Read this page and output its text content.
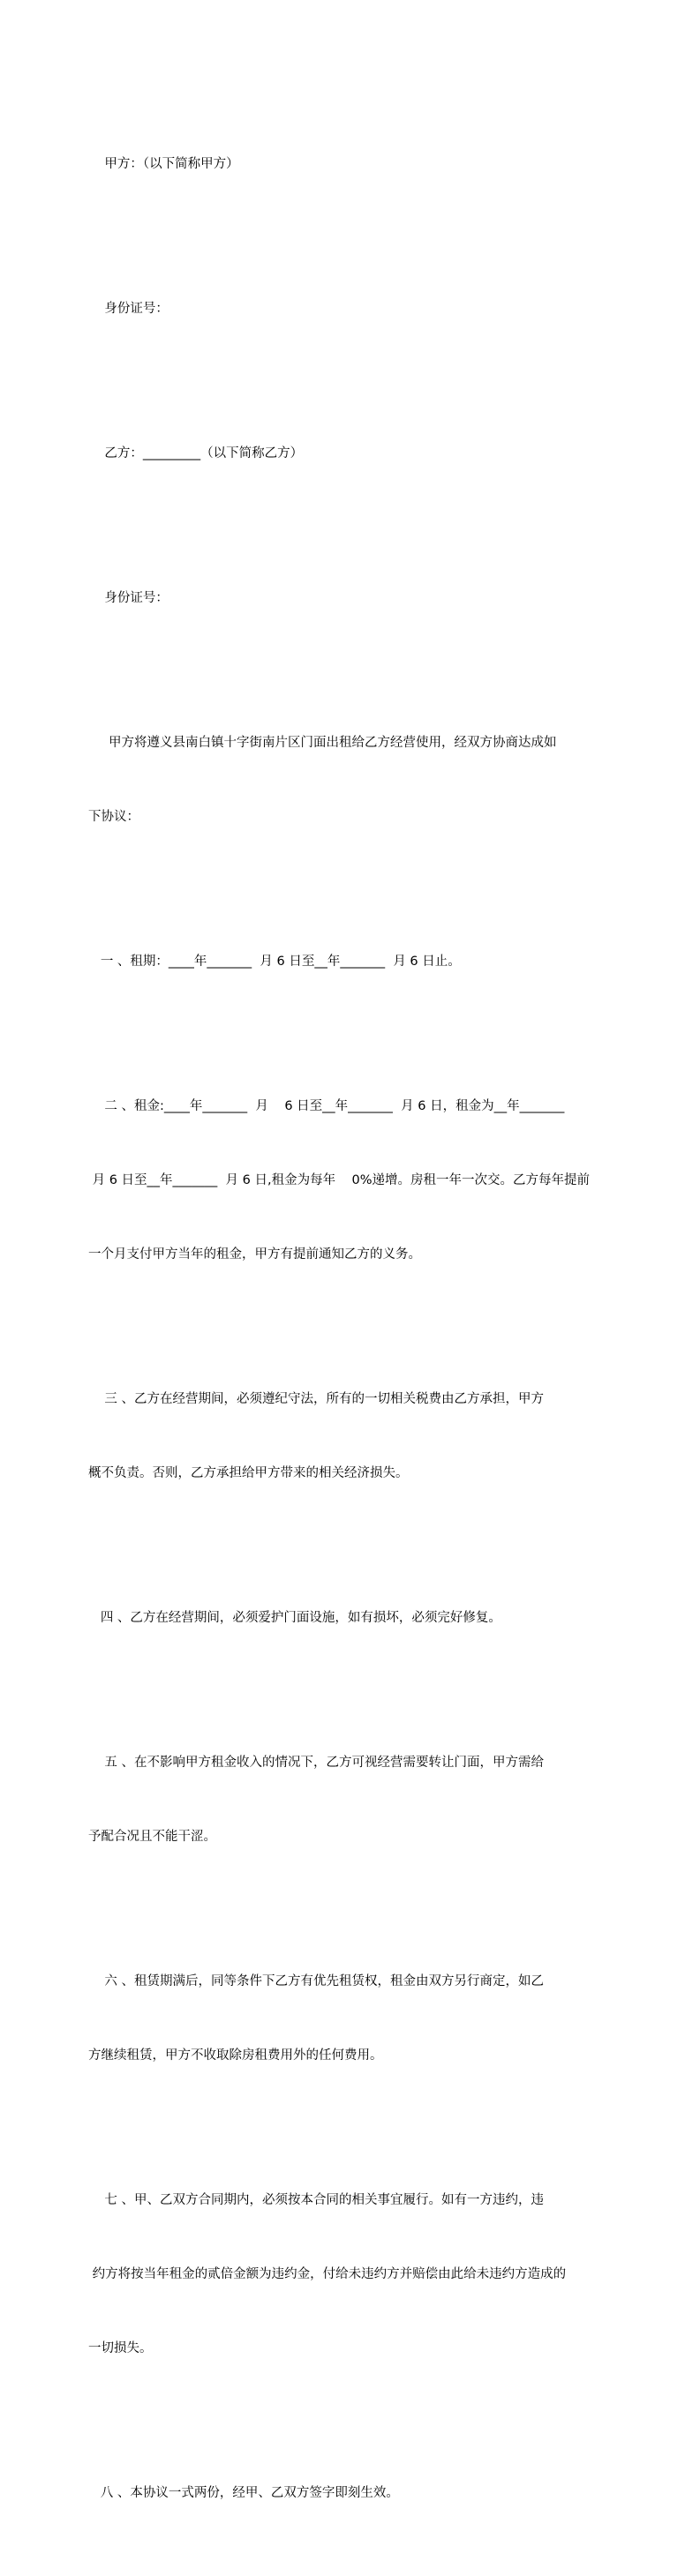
甲方：（以下简称甲方）

身份证号：

乙方：_________（以下简称乙方）

身份证号：

甲方将遵义县南白镇十字街南片区门面出租给乙方经营使用，经双方协商达成如

下协议：

一 、租期：____年_______  月 6 日至__年_______  月 6 日止。

二 、租金:____年_______  月    6 日至__年_______  月 6 日，租金为__年_______

月 6 日至__年_______  月 6 日,租金为每年    0%递增。房租一年一次交。乙方每年提前

一个月支付甲方当年的租金，甲方有提前通知乙方的义务。

三 、乙方在经营期间，必须遵纪守法，所有的一切相关税费由乙方承担，甲方

概不负责。否则，乙方承担给甲方带来的相关经济损失。

四 、乙方在经营期间，必须爱护门面设施，如有损坏，必须完好修复。

五 、在不影响甲方租金收入的情况下，乙方可视经营需要转让门面，甲方需给

予配合况且不能干涩。

六 、租赁期满后，同等条件下乙方有优先租赁权，租金由双方另行商定，如乙

方继续租赁，甲方不收取除房租费用外的任何费用。

七 、甲、乙双方合同期内，必须按本合同的相关事宜履行。如有一方违约，违

约方将按当年租金的贰倍金额为违约金，付给未违约方并赔偿由此给未违约方造成的

一切损失。

八 、本协议一式两份，经甲、乙双方签字即刻生效。
